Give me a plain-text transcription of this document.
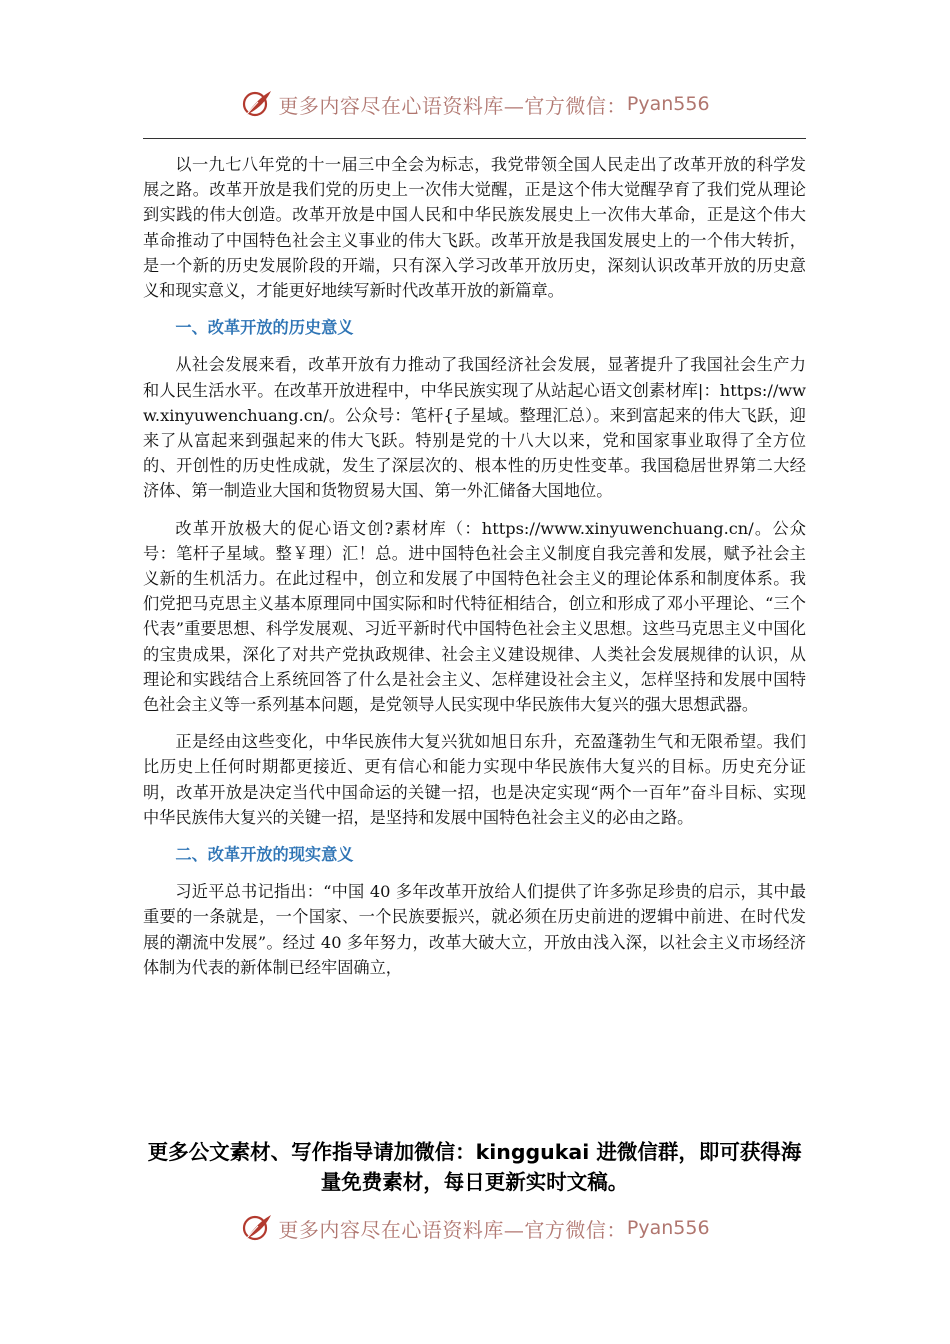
更多内容尽在心语资料库—官方微信： Pyan556

以一九七八年党的十一届三中全会为标志，我党带领全国人民走出了改革开放的科学发展之路。改革开放是我们党的历史上一次伟大觉醒，正是这个伟大觉醒孕育了我们党从理论到实践的伟大创造。改革开放是中国人民和中华民族发展史上一次伟大革命，正是这个伟大革命推动了中国特色社会主义事业的伟大飞跃。改革开放是我国发展史上的一个伟大转折，是一个新的历史发展阶段的开端，只有深入学习改革开放历史，深刻认识改革开放的历史意义和现实意义，才能更好地续写新时代改革开放的新篇章。

一、改革开放的历史意义

从社会发展来看，改革开放有力推动了我国经济社会发展，显著提升了我国社会生产力和人民生活水平。在改革开放进程中，中华民族实现了从站起心语文创素材库|：https://www.xinyuwenchuang.cn/。公众号：笔杆{子星域。整理汇总）。来到富起来的伟大飞跃，迎来了从富起来到强起来的伟大飞跃。特别是党的十八大以来，党和国家事业取得了全方位的、开创性的历史性成就，发生了深层次的、根本性的历史性变革。我国稳居世界第二大经济体、第一制造业大国和货物贸易大国、第一外汇储备大国地位。

改革开放极大的促心语文创?素材库（：https://www.xinyuwenchuang.cn/。公众号：笔杆子星域。整￥理）汇！总。进中国特色社会主义制度自我完善和发展，赋予社会主义新的生机活力。在此过程中，创立和发展了中国特色社会主义的理论体系和制度体系。我们党把马克思主义基本原理同中国实际和时代特征相结合，创立和形成了邓小平理论、“三个代表”重要思想、科学发展观、习近平新时代中国特色社会主义思想。这些马克思主义中国化的宝贵成果，深化了对共产党执政规律、社会主义建设规律、人类社会发展规律的认识，从理论和实践结合上系统回答了什么是社会主义、怎样建设社会主义，怎样坚持和发展中国特色社会主义等一系列基本问题，是党领导人民实现中华民族伟大复兴的强大思想武器。

正是经由这些变化，中华民族伟大复兴犹如旭日东升，充盈蓬勃生气和无限希望。我们比历史上任何时期都更接近、更有信心和能力实现中华民族伟大复兴的目标。历史充分证明，改革开放是决定当代中国命运的关键一招，也是决定实现“两个一百年”奋斗目标、实现中华民族伟大复兴的关键一招，是坚持和发展中国特色社会主义的必由之路。

二、改革开放的现实意义

习近平总书记指出：“中国 40 多年改革开放给人们提供了许多弥足珍贵的启示，其中最重要的一条就是，一个国家、一个民族要振兴，就必须在历史前进的逻辑中前进、在时代发展的潮流中发展”。经过 40 多年努力，改革大破大立，开放由浅入深，以社会主义市场经济体制为代表的新体制已经牢固确立，

更多公文素材、写作指导请加微信：kinggukai 进微信群，即可获得海量免费素材，每日更新实时文稿。
更多内容尽在心语资料库—官方微信： Pyan556
